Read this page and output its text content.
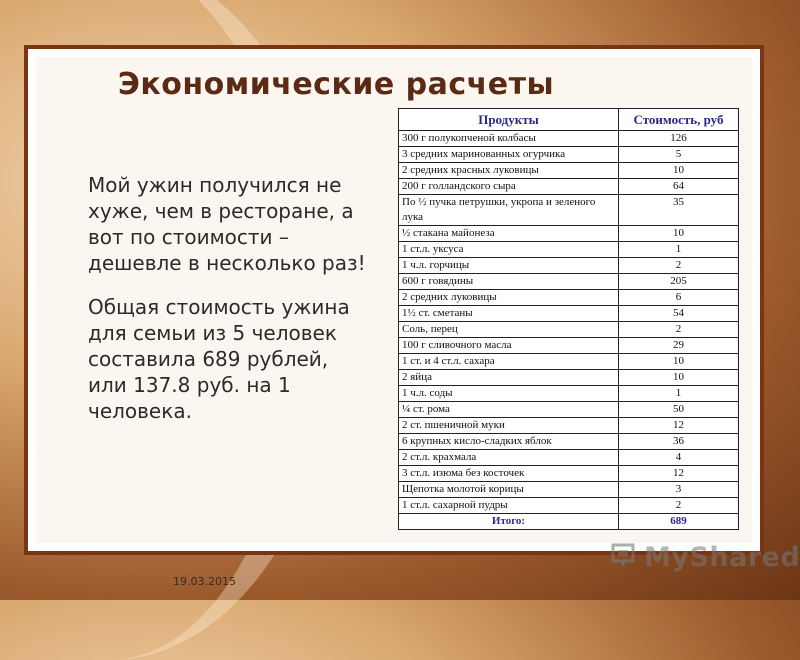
Экономические расчеты

Мой ужин получился не хуже, чем в ресторане, а вот по стоимости – дешевле в несколько раз!

Общая стоимость ужина для семьи из 5 человек составила 689 рублей, или 137.8 руб. на 1 человека.

Продукты	Стоимость, руб
300 г полукопченой колбасы	126
3 средних маринованных огурчика	5
2 средних красных луковицы	10
200 г голландского сыра	64
По ½ пучка петрушки, укропа и зеленого лука	35
½ стакана майонеза	10
1 ст.л. уксуса	1
1 ч.л. горчицы	2
600 г говядины	205
2 средних луковицы	6
1½ ст. сметаны	54
Соль, перец	2
100 г сливочного масла	29
1 ст. и 4 ст.л. сахара	10
2 яйца	10
1 ч.л. соды	1
¼ ст. рома	50
2 ст. пшеничной муки	12
6 крупных кисло-сладких яблок	36
2 ст.л. крахмала	4
3 ст.л. изюма без косточек	12
Щепотка молотой корицы	3
1 ст.л. сахарной пудры	2
Итого:	689
19.03.2015
MyShared
